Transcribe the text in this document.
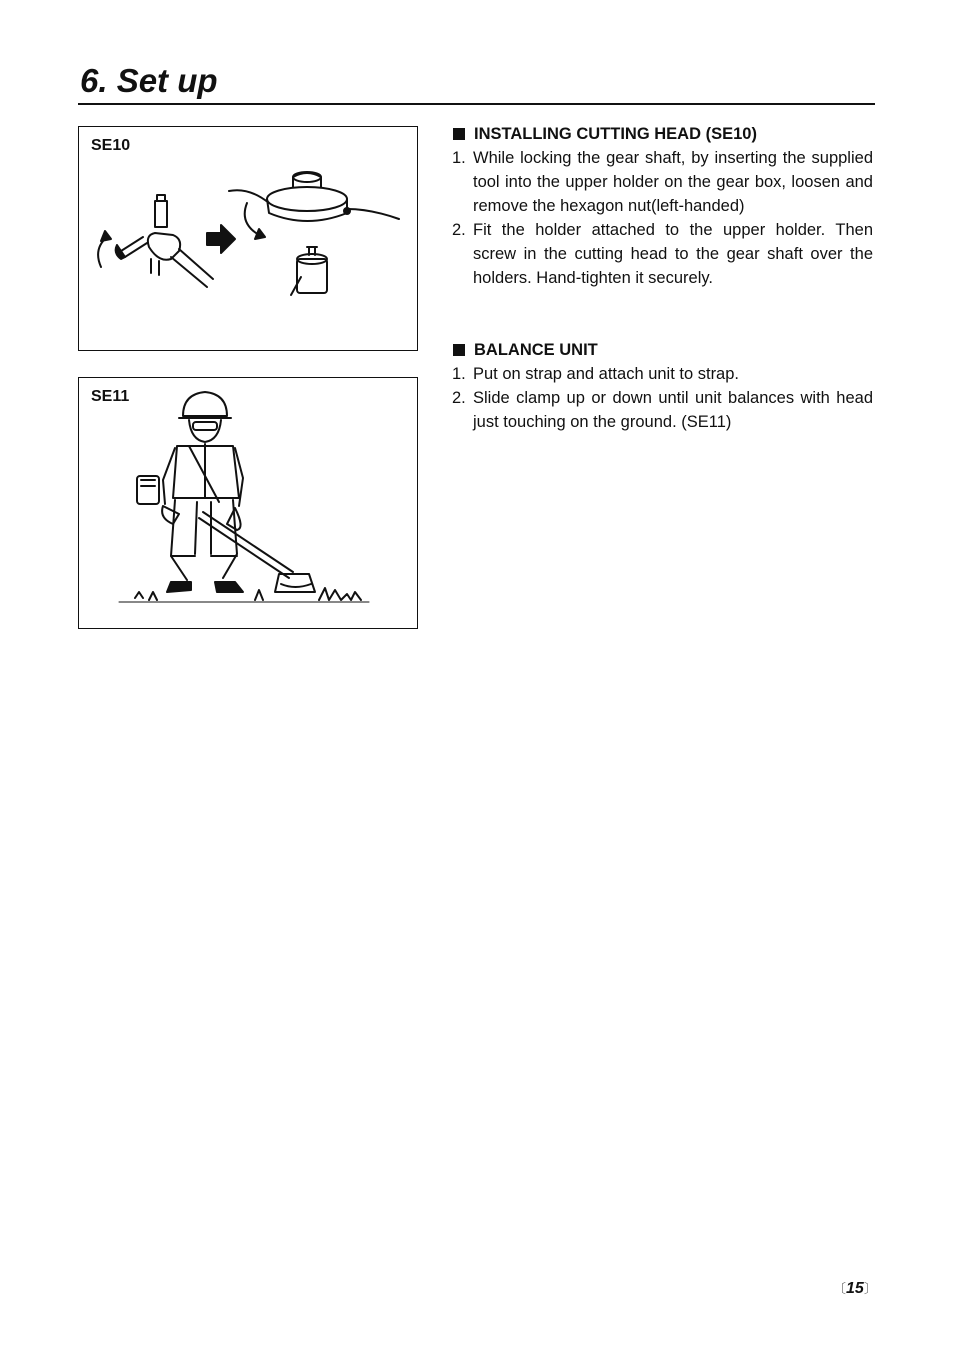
6. Set up
SE10
SE11
INSTALLING CUTTING HEAD (SE10)
1. While locking the gear shaft, by inserting the supplied tool into the upper holder on the gear box, loosen and remove the hexagon nut(left-handed)
2. Fit the holder attached to the upper holder. Then screw in the cutting head to the gear shaft over the holders. Hand-tighten it securely.
BALANCE UNIT
1. Put on strap and attach unit to strap.
2. Slide clamp up or down until unit balances with head just touching on the ground. (SE11)
〔15〕
